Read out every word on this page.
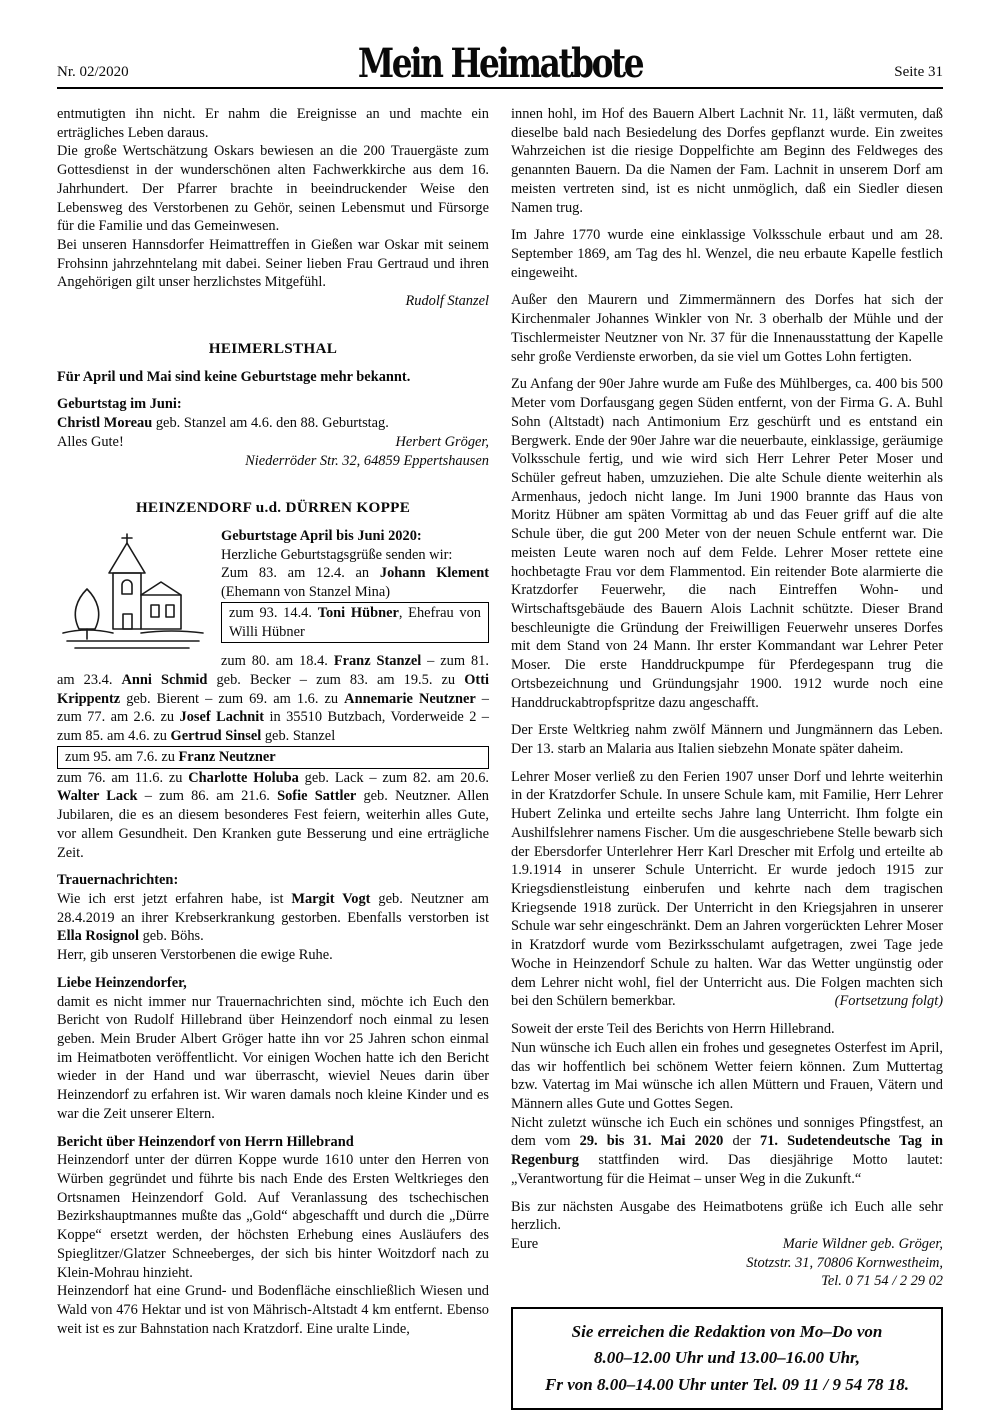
Nr. 02/2020	Mein Heimatbote	Seite 31

entmutigten ihn nicht. Er nahm die Ereignisse an und machte ein erträgliches Leben daraus.

Die große Wertschätzung Oskars bewiesen an die 200 Trauergäste zum Gottesdienst in der wunderschönen alten Fachwerkkirche aus dem 16. Jahrhundert. Der Pfarrer brachte in beeindruckender Weise den Lebensweg des Verstorbenen zu Gehör, seinen Lebensmut und Fürsorge für die Familie und das Gemeinwesen.

Bei unseren Hannsdorfer Heimattreffen in Gießen war Oskar mit seinem Frohsinn jahrzehntelang mit dabei. Seiner lieben Frau Gertraud und ihren Angehörigen gilt unser herzlichstes Mitgefühl.

Rudolf Stanzel
HEIMERLSTHAL

Für April und Mai sind keine Geburtstage mehr bekannt.

Geburtstag im Juni:

Christl Moreau geb. Stanzel am 4.6. den 88. Geburtstag.

Alles Gute!	Herbert Gröger,
Niederröder Str. 32, 64859 Eppertshausen
HEINZENDORF u.d. DÜRREN KOPPE

Geburtstage April bis Juni 2020:

Herzliche Geburtstagsgrüße senden wir:

Zum 83. am 12.4. an Johann Klement (Ehemann von Stanzel Mina)

zum 93. 14.4. Toni Hübner, Ehefrau von Willi Hübner

zum 80. am 18.4. Franz Stanzel – zum 81. am 23.4. Anni Schmid geb. Becker – zum 83. am 19.5. zu Otti Krippentz geb. Bierent – zum 69. am 1.6. zu Annemarie Neutzner – zum 77. am 2.6. zu Josef Lachnit in 35510 Butzbach, Vorderweide 2 – zum 85. am 4.6. zu Gertrud Sinsel geb. Stanzel

zum 95. am 7.6. zu Franz Neutzner

zum 76. am 11.6. zu Charlotte Holuba geb. Lack – zum 82. am 20.6. Walter Lack – zum 86. am 21.6. Sofie Sattler geb. Neutzner. Allen Jubilaren, die es an diesem besonderes Fest feiern, weiterhin alles Gute, vor allem Gesundheit. Den Kranken gute Besserung und eine erträgliche Zeit.

Trauernachrichten:

Wie ich erst jetzt erfahren habe, ist Margit Vogt geb. Neutzner am 28.4.2019 an ihrer Krebserkrankung gestorben. Ebenfalls verstorben ist Ella Rosignol geb. Böhs.

Herr, gib unseren Verstorbenen die ewige Ruhe.

Liebe Heinzendorfer,

damit es nicht immer nur Trauernachrichten sind, möchte ich Euch den Bericht von Rudolf Hillebrand über Heinzendorf noch einmal zu lesen geben. Mein Bruder Albert Gröger hatte ihn vor 25 Jahren schon einmal im Heimatboten veröffentlicht. Vor einigen Wochen hatte ich den Bericht wieder in der Hand und war überrascht, wieviel Neues darin über Heinzendorf zu erfahren ist. Wir waren damals noch kleine Kinder und es war die Zeit unserer Eltern.

Bericht über Heinzendorf von Herrn Hillebrand

Heinzendorf unter der dürren Koppe wurde 1610 unter den Herren von Würben gegründet und führte bis nach Ende des Ersten Weltkrieges den Ortsnamen Heinzendorf Gold. Auf Veranlassung des tschechischen Bezirkshauptmannes mußte das „Gold“ abgeschafft und durch die „Dürre Koppe“ ersetzt werden, der höchsten Erhebung eines Ausläufers des Spieglitzer/Glatzer Schneeberges, der sich bis hinter Woitzdorf nach zu Klein-Mohrau hinzieht.

Heinzendorf hat eine Grund- und Bodenfläche einschließlich Wiesen und Wald von 476 Hektar und ist von Mährisch-Altstadt 4 km entfernt. Ebenso weit ist es zur Bahnstation nach Kratzdorf. Eine uralte Linde,

innen hohl, im Hof des Bauern Albert Lachnit Nr. 11, läßt vermuten, daß dieselbe bald nach Besiedelung des Dorfes gepflanzt wurde. Ein zweites Wahrzeichen ist die riesige Doppelfichte am Beginn des Feldweges des genannten Bauern. Da die Namen der Fam. Lachnit in unserem Dorf am meisten vertreten sind, ist es nicht unmöglich, daß ein Siedler diesen Namen trug.

Im Jahre 1770 wurde eine einklassige Volksschule erbaut und am 28. September 1869, am Tag des hl. Wenzel, die neu erbaute Kapelle festlich eingeweiht.

Außer den Maurern und Zimmermännern des Dorfes hat sich der Kirchenmaler Johannes Winkler von Nr. 3 oberhalb der Mühle und der Tischlermeister Neutzner von Nr. 37 für die Innenausstattung der Kapelle sehr große Verdienste erworben, da sie viel um Gottes Lohn fertigten.

Zu Anfang der 90er Jahre wurde am Fuße des Mühlberges, ca. 400 bis 500 Meter vom Dorfausgang gegen Süden entfernt, von der Firma G. A. Buhl Sohn (Altstadt) nach Antimonium Erz geschürft und es entstand ein Bergwerk. Ende der 90er Jahre war die neuerbaute, einklassige, geräumige Volksschule fertig, und wie wird sich Herr Lehrer Peter Moser und Schüler gefreut haben, umzuziehen. Die alte Schule diente weiterhin als Armenhaus, jedoch nicht lange. Im Juni 1900 brannte das Haus von Moritz Hübner am späten Vormittag ab und das Feuer griff auf die alte Schule über, die gut 200 Meter von der neuen Schule entfernt war. Die meisten Leute waren noch auf dem Felde. Lehrer Moser rettete eine hochbetagte Frau vor dem Flammentod. Ein reitender Bote alarmierte die Kratzdorfer Feuerwehr, die nach Eintreffen Wohn- und Wirtschaftsgebäude des Bauern Alois Lachnit schützte. Dieser Brand beschleunigte die Gründung der Freiwilligen Feuerwehr unseres Dorfes mit dem Stand von 24 Mann. Ihr erster Kommandant war Lehrer Peter Moser. Die erste Handdruckpumpe für Pferdegespann trug die Ortsbezeichnung und Gründungsjahr 1900. 1912 wurde noch eine Handdruckabtropfspritze dazu angeschafft.

Der Erste Weltkrieg nahm zwölf Männern und Jungmännern das Leben. Der 13. starb an Malaria aus Italien siebzehn Monate später daheim.

Lehrer Moser verließ zu den Ferien 1907 unser Dorf und lehrte weiterhin in der Kratzdorfer Schule. In unsere Schule kam, mit Familie, Herr Lehrer Hubert Zelinka und erteilte sechs Jahre lang Unterricht. Ihm folgte ein Aushilfslehrer namens Fischer. Um die ausgeschriebene Stelle bewarb sich der Ebersdorfer Unterlehrer Herr Karl Drescher mit Erfolg und erteilte ab 1.9.1914 in unserer Schule Unterricht. Er wurde jedoch 1915 zur Kriegsdienstleistung einberufen und kehrte nach dem tragischen Kriegsende 1918 zurück. Der Unterricht in den Kriegsjahren in unserer Schule war sehr eingeschränkt. Dem an Jahren vorgerückten Lehrer Moser in Kratzdorf wurde vom Bezirksschulamt aufgetragen, zwei Tage jede Woche in Heinzendorf Schule zu halten. War das Wetter ungünstig oder dem Lehrer nicht wohl, fiel der Unterricht aus. Die Folgen machten sich bei den Schülern bemerkbar.	(Fortsetzung folgt)

Soweit der erste Teil des Berichts von Herrn Hillebrand.

Nun wünsche ich Euch allen ein frohes und gesegnetes Osterfest im April, das wir hoffentlich bei schönem Wetter feiern können. Zum Muttertag bzw. Vatertag im Mai wünsche ich allen Müttern und Frauen, Vätern und Männern alles Gute und Gottes Segen.

Nicht zuletzt wünsche ich Euch ein schönes und sonniges Pfingstfest, an dem vom 29. bis 31. Mai 2020 der 71. Sudetendeutsche Tag in Regenburg stattfinden wird. Das diesjährige Motto lautet: „Verantwortung für die Heimat – unser Weg in die Zukunft.“

Bis zur nächsten Ausgabe des Heimatbotens grüße ich Euch alle sehr herzlich.

Eure	Marie Wildner geb. Gröger,
Stotzstr. 31, 70806 Kornwestheim,
Tel. 0 71 54 / 2 29 02
Sie erreichen die Redaktion von Mo–Do von
8.00–12.00 Uhr und 13.00–16.00 Uhr,
Fr von 8.00–14.00 Uhr unter Tel. 09 11 / 9 54 78 18.
